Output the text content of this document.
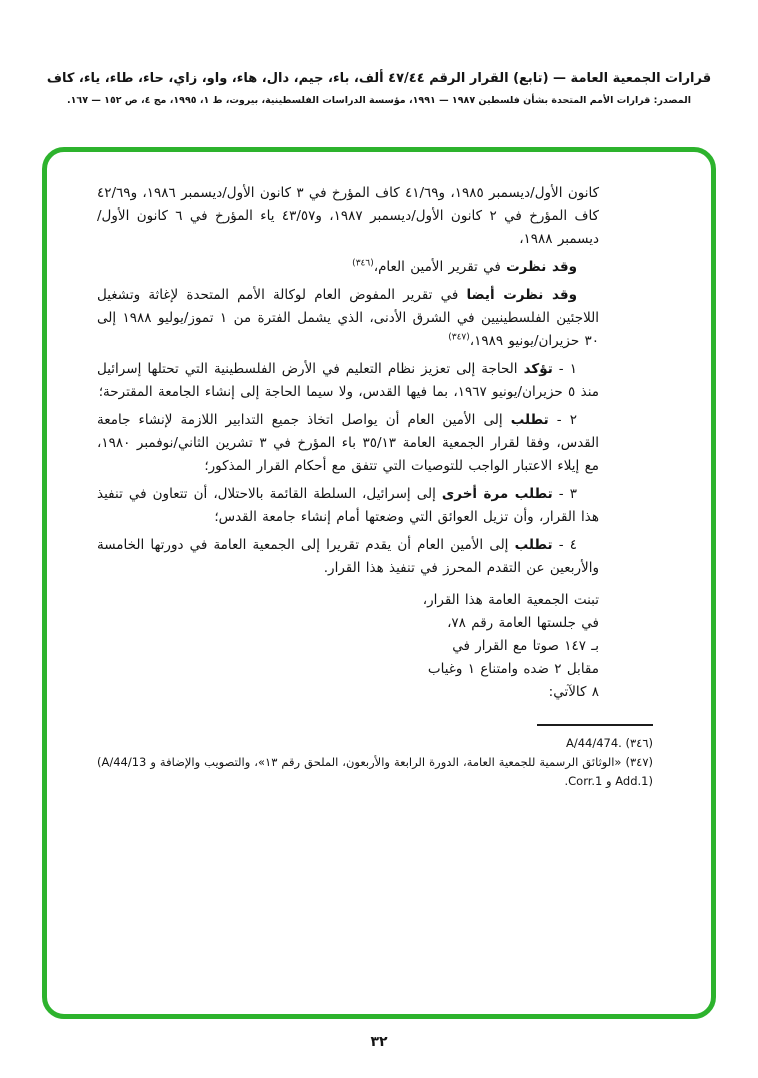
قرارات الجمعية العامة — (تابع) القرار الرقم ٤٧/٤٤ ألف، باء، جيم، دال، هاء، واو، زاي، حاء، طاء، ياء، كاف
المصدر: قرارات الأمم المتحدة بشأن فلسطين ١٩٨٧ — ١٩٩١، مؤسسة الدراسات الفلسطينية، بيروت، ط ١، ١٩٩٥، مج ٤، ص ١٥٢ — ١٦٧.

كانون الأول/ديسمبر ١٩٨٥، و٤١/٦٩ كاف المؤرخ في ٣ كانون الأول/ديسمبر ١٩٨٦، و٤٢/٦٩ كاف المؤرخ في ٢ كانون الأول/ديسمبر ١٩٨٧، و٤٣/٥٧ ياء المؤرخ في ٦ كانون الأول/ديسمبر ١٩٨٨،

وقد نظرت في تقرير الأمين العام،$^{(٣٤٦)}$

وقد نظرت أيضا في تقرير المفوض العام لوكالة الأمم المتحدة لإغاثة وتشغيل اللاجئين الفلسطينيين في الشرق الأدنى، الذي يشمل الفترة من ١ تموز/يوليو ١٩٨٨ إلى ٣٠ حزيران/يونيو ١٩٨٩،$^{(٣٤٧)}$

١ - تؤكد الحاجة إلى تعزيز نظام التعليم في الأرض الفلسطينية التي تحتلها إسرائيل منذ ٥ حزيران/يونيو ١٩٦٧، بما فيها القدس، ولا سيما الحاجة إلى إنشاء الجامعة المقترحة؛

٢ - تطلب إلى الأمين العام أن يواصل اتخاذ جميع التدابير اللازمة لإنشاء جامعة القدس، وفقا لقرار الجمعية العامة ٣٥/١٣ باء المؤرخ في ٣ تشرين الثاني/نوفمبر ١٩٨٠، مع إيلاء الاعتبار الواجب للتوصيات التي تتفق مع أحكام القرار المذكور؛

٣ - تطلب مرة أخرى إلى إسرائيل، السلطة القائمة بالاحتلال، أن تتعاون في تنفيذ هذا القرار، وأن تزيل العوائق التي وضعتها أمام إنشاء جامعة القدس؛

٤ - تطلب إلى الأمين العام أن يقدم تقريرا إلى الجمعية العامة في دورتها الخامسة والأربعين عن التقدم المحرز في تنفيذ هذا القرار.

تبنت الجمعية العامة هذا القرار،
في جلستها العامة رقم ٧٨،
بـ ١٤٧ صوتا مع القرار في
مقابل ٢ ضده وامتناع ١ وغياب
٨ كالآتي:

(٣٤٦) A/44/474.‎

(٣٤٧) «الوثائق الرسمية للجمعية العامة، الدورة الرابعة والأربعون، الملحق رقم ١٣»، والتصويب والإضافة ‪(A/44/13 و Corr.1 و Add.1)‬.

٣٢
